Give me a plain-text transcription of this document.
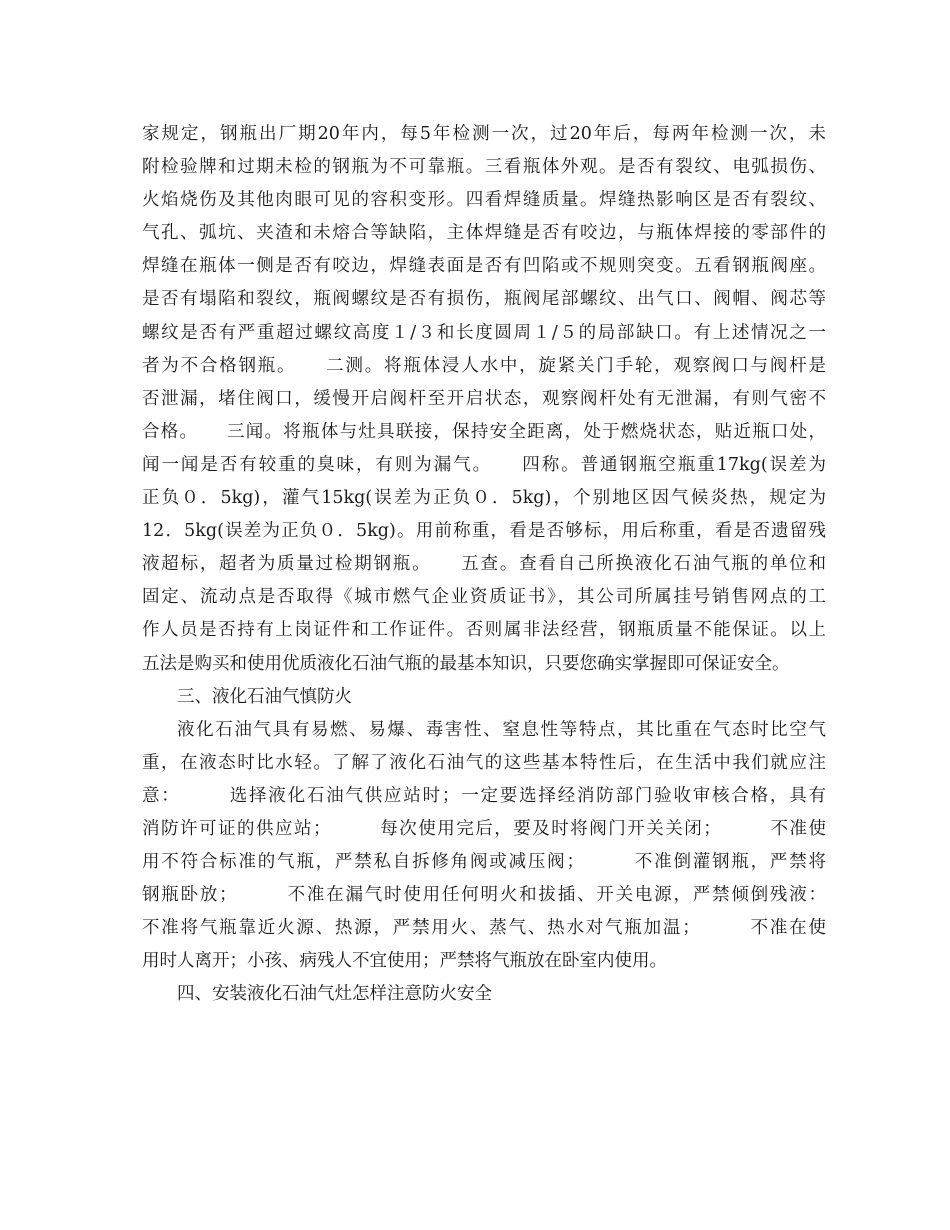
家规定，钢瓶出厂期20年内，每5年检测一次，过20年后，每两年检测一次，未
附检验牌和过期未检的钢瓶为不可靠瓶。三看瓶体外观。是否有裂纹、电弧损伤、
火焰烧伤及其他肉眼可见的容积变形。四看焊缝质量。焊缝热影响区是否有裂纹、
气孔、弧坑、夹渣和未熔合等缺陷，主体焊缝是否有咬边，与瓶体焊接的零部件的
焊缝在瓶体一侧是否有咬边，焊缝表面是否有凹陷或不规则突变。五看钢瓶阀座。
是否有塌陷和裂纹，瓶阀螺纹是否有损伤，瓶阀尾部螺纹、出气口、阀帽、阀芯等
螺纹是否有严重超过螺纹高度１/３和长度圆周１/５的局部缺口。有上述情况之一
者为不合格钢瓶。　　二测。将瓶体浸人水中，旋紧关门手轮，观察阀口与阀杆是
否泄漏，堵住阀口，缓慢开启阀杆至开启状态，观察阀杆处有无泄漏，有则气密不
合格。　　三闻。将瓶体与灶具联接，保持安全距离，处于燃烧状态，贴近瓶口处，
闻一闻是否有较重的臭味，有则为漏气。　　四称。普通钢瓶空瓶重17kg(误差为
正负０．5kg)，灌气15kg(误差为正负０．5kg)，个别地区因气候炎热，规定为
12．5kg(误差为正负０．5kg)。用前称重，看是否够标，用后称重，看是否遗留残
液超标，超者为质量过检期钢瓶。　　五查。查看自己所换液化石油气瓶的单位和
固定、流动点是否取得《城市燃气企业资质证书》，其公司所属挂号销售网点的工
作人员是否持有上岗证件和工作证件。否则属非法经营，钢瓶质量不能保证。以上
五法是购买和使用优质液化石油气瓶的最基本知识，只要您确实掌握即可保证安全。
三、液化石油气慎防火
液化石油气具有易燃、易爆、毒害性、窒息性等特点，其比重在气态时比空气
重，在液态时比水轻。了解了液化石油气的这些基本特性后，在生活中我们就应注
意：　　　选择液化石油气供应站时；一定要选择经消防部门验收审核合格，具有
消防许可证的供应站；　　　每次使用完后，要及时将阀门开关关闭；　　　不准使
用不符合标准的气瓶，严禁私自拆修角阀或减压阀；　　　不准倒灌钢瓶，严禁将
钢瓶卧放；　　　不准在漏气时使用任何明火和拔插、开关电源，严禁倾倒残液：
不准将气瓶靠近火源、热源，严禁用火、蒸气、热水对气瓶加温；　　　不准在使
用时人离开；小孩、病残人不宜使用；严禁将气瓶放在卧室内使用。
四、安装液化石油气灶怎样注意防火安全
